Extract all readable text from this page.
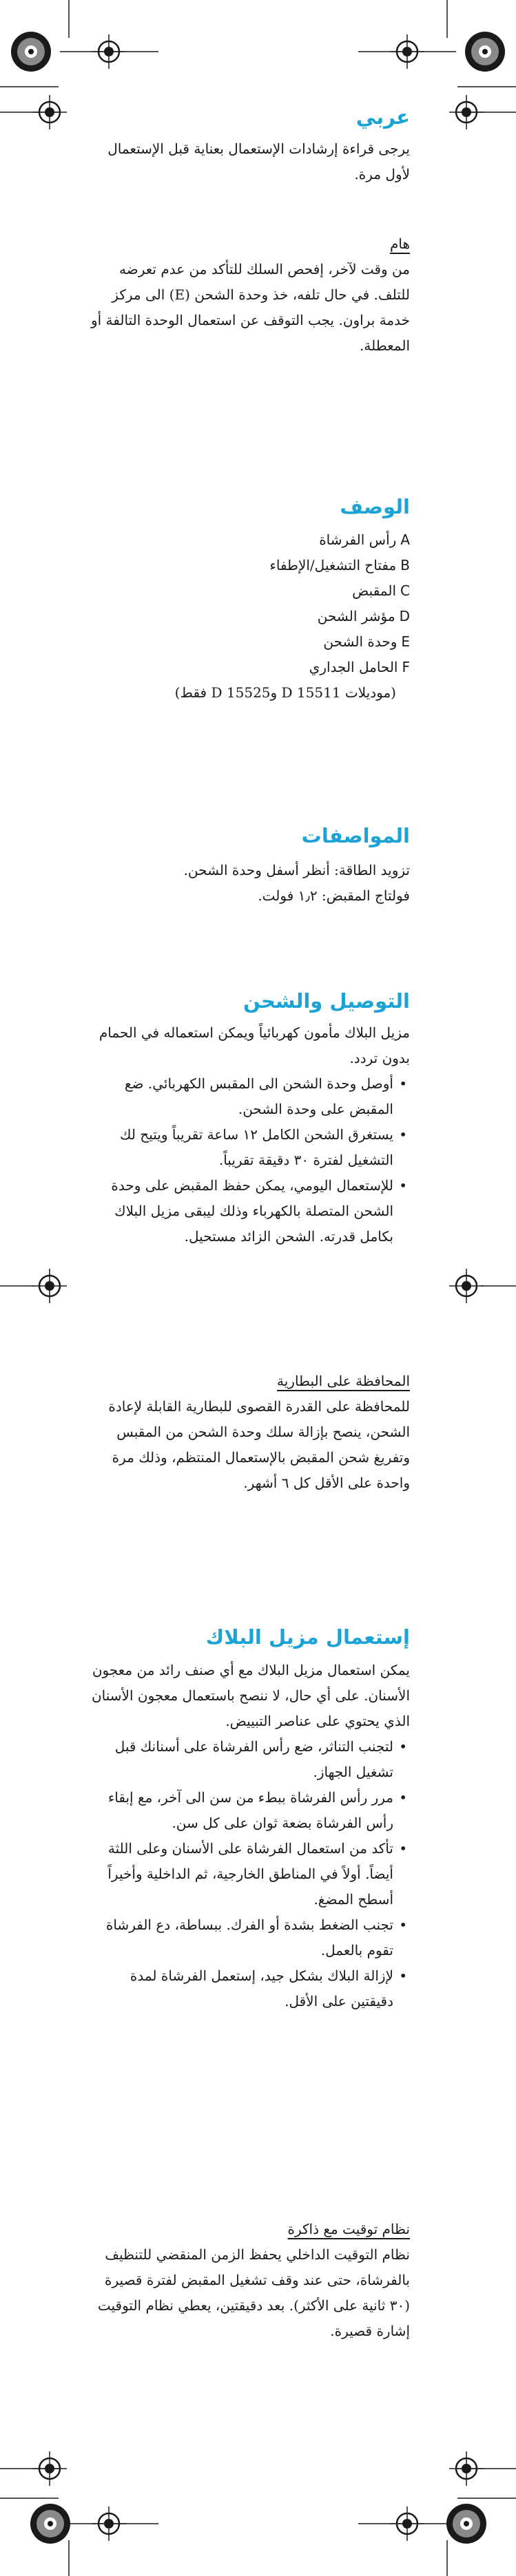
عربي

يرجى قراءة إرشادات الإستعمال بعناية قبل الإستعمال لأول مرة.

هام

من وقت لآخر، إفحص السلك للتأكد من عدم تعرضه للتلف. في حال تلفه، خذ وحدة الشحن (E) الى مركز خدمة براون. يجب التوقف عن استعمال الوحدة التالفة أو المعطلة.

الوصف
Aرأس الفرشاة
Bمفتاح التشغيل/الإطفاء
Cالمقبض
Dمؤشر الشحن
Eوحدة الشحن
Fالحامل الجداري

(موديلات D 15511 و15525 D فقط)

المواصفات

تزويد الطاقة: أنظر أسفل وحدة الشحن.

فولتاج المقبض: ١٫٢ فولت.

التوصيل والشحن

مزيل البلاك مأمون كهربائياً ويمكن استعماله في الحمام بدون تردد.

• أوصل وحدة الشحن الى المقبس الكهربائي. ضع المقبض على وحدة الشحن.
• يستغرق الشحن الكامل ١٢ ساعة تقريباً ويتيح لك التشغيل لفترة ٣٠ دقيقة تقريباً.
• للإستعمال اليومي، يمكن حفظ المقبض على وحدة الشحن المتصلة بالكهرباء وذلك ليبقى مزيل البلاك بكامل قدرته. الشحن الزائد مستحيل.

المحافظة على البطارية

للمحافظة على القدرة القصوى للبطارية القابلة لإعادة الشحن، ينصح بإزالة سلك وحدة الشحن من المقبس وتفريغ شحن المقبض بالإستعمال المنتظم، وذلك مرة واحدة على الأقل كل ٦ أشهر.

إستعمال مزيل البلاك

يمكن استعمال مزيل البلاك مع أي صنف رائد من معجون الأسنان. على أي حال، لا ننصح باستعمال معجون الأسنان الذي يحتوي على عناصر التبييض.

• لتجنب التناثر، ضع رأس الفرشاة على أسنانك قبل تشغيل الجهاز.
• مرر رأس الفرشاة ببطء من سن الى آخر، مع إبقاء رأس الفرشاة بضعة ثوان على كل سن.
• تأكد من استعمال الفرشاة على الأسنان وعلى اللثة أيضاً. أولاً في المناطق الخارجية، ثم الداخلية وأخيراً أسطح المضغ.
• تجنب الضغط بشدة أو الفرك. ببساطة، دع الفرشاة تقوم بالعمل.
• لإزالة البلاك بشكل جيد، إستعمل الفرشاة لمدة دقيقتين على الأقل.

نظام توقيت مع ذاكرة

نظام التوقيت الداخلي يحفظ الزمن المنقضي للتنظيف بالفرشاة، حتى عند وقف تشغيل المقبض لفترة قصيرة (٣٠ ثانية على الأكثر). بعد دقيقتين، يعطي نظام التوقيت إشارة قصيرة.
